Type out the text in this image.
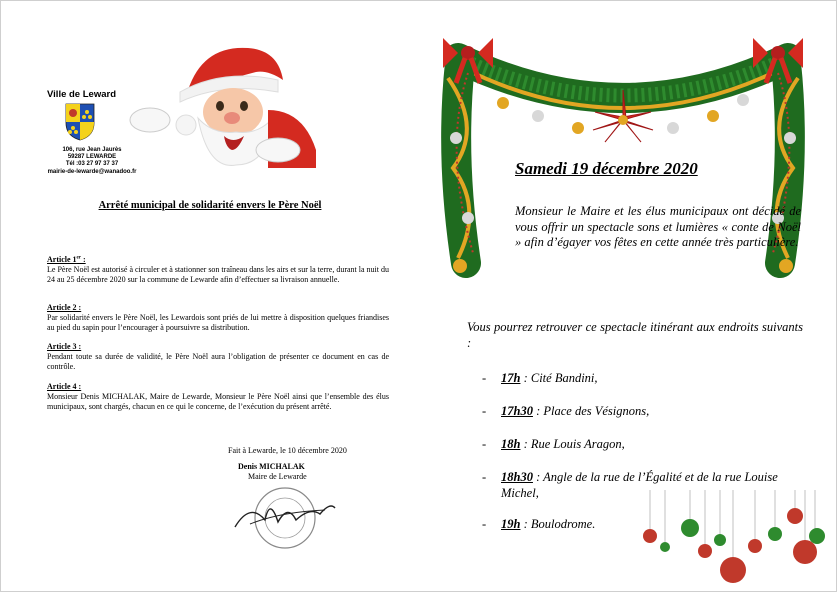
Ville de Leward
106, rue Jean Jaurès
59287 LEWARDE
Tél :03 27 97 37 37
mairie-de-lewarde@wanadoo.fr
Arrêté municipal de solidarité envers le Père Noël
Article 1er :
Le Père Noël est autorisé à circuler et à stationner son traîneau dans les airs et sur la terre, durant la nuit du 24 au 25 décembre 2020 sur la commune de Lewarde afin d’effectuer sa livraison annuelle.
Article 2 :
Par solidarité envers le Père Noël, les Lewardois sont priés de lui mettre à disposition quelques friandises au pied du sapin pour l’encourager à poursuivre sa distribution.
Article 3 :
Pendant toute sa durée de validité, le Père Noël aura l’obligation de présenter ce document en cas de contrôle.
Article 4 :
Monsieur Denis MICHALAK, Maire de Lewarde, Monsieur le Père Noël ainsi que l’ensemble des élus municipaux, sont chargés, chacun en ce qui le concerne, de l’exécution du présent arrêté.
Fait à Lewarde, le 10 décembre 2020
Denis MICHALAK
Maire de Lewarde
Samedi 19 décembre 2020
Monsieur le Maire et les élus municipaux ont décidé de vous offrir un spectacle sons et lumières « conte de Noël » afin d’égayer vos fêtes en cette année très particulière.
Vous pourrez retrouver ce spectacle itinérant aux endroits suivants :
- 17h : Cité Bandini,
- 17h30 : Place des Vésignons,
- 18h : Rue Louis Aragon,
- 18h30 : Angle de la rue de l’Égalité et de la rue Louise Michel,
- 19h : Boulodrome.
